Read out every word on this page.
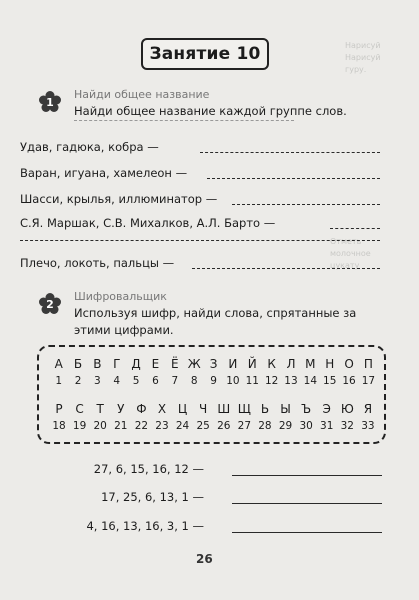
Нарисуй
Нарисуй
гуру.
Отметь
молочное
цукату
Занятие 10
1
Найди общее название
Найди общее название каждой группе слов.
Удав, гадюка, кобра —
Варан, игуана, хамелеон —
Шасси, крылья, иллюминатор —
С.Я. Маршак, С.В. Михалков, А.Л. Барто —
Плечо, локоть, пальцы —
2
Шифровальщик
Используя шифр, найди слова, спрятанные за
этими цифрами.
А Б В Г Д Е Ё Ж З И Й К Л М Н О П
1	2	3	4	5	6	7	8	9 10 11 12 13 14 15 16 17
Р	С	Т	У Ф Х Ц Ч Ш Щ Ь Ы Ъ Э Ю Я
18 19 20 21 22 23 24 25 26 27 28 29 30 31 32 33
27, 6, 15, 16, 12 —
17, 25, 6, 13, 1 —
4, 16, 13, 16, 3, 1 —
26
